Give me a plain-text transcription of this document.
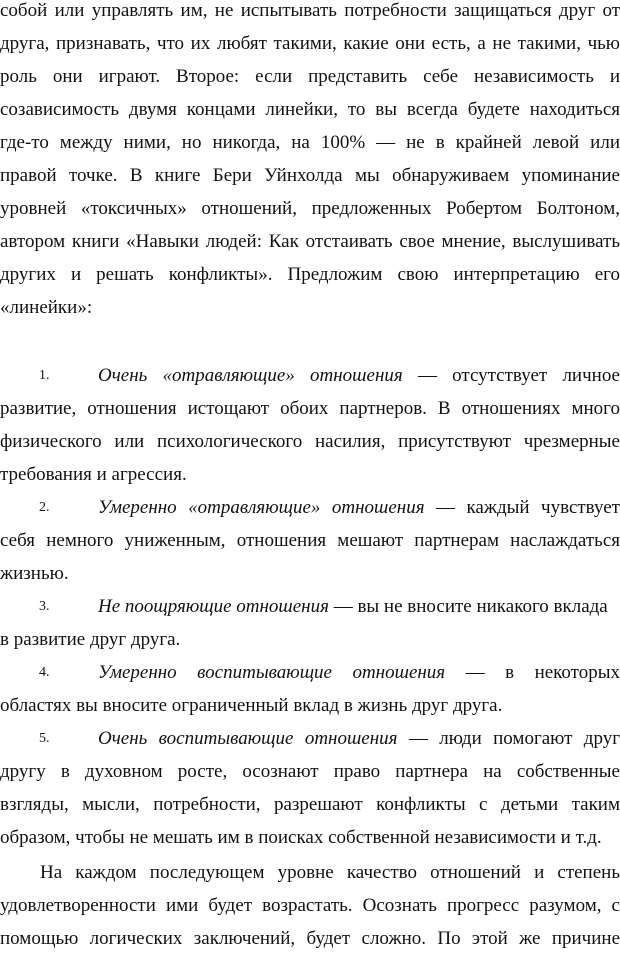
собой или управлять им, не испытывать потребности защищаться друг от
друга, признавать, что их любят такими, какие они есть, а не такими, чью
роль они играют. Второе: если представить себе независимость и
созависимость двумя концами линейки, то вы всегда будете находиться
где-то между ними, но никогда, на 100% — не в крайней левой или
правой точке. В книге Бери Уйнхолда мы обнаруживаем упоминание
уровней «токсичных» отношений, предложенных Робертом Болтоном,
автором книги «Навыки людей: Как отстаивать свое мнение, выслушивать
других и решать конфликты». Предложим свою интерпретацию его
«линейки»:
1.	Очень «отравляющие» отношения — отсутствует личное
развитие, отношения истощают обоих партнеров. В отношениях много
физического или психологического насилия, присутствуют чрезмерные
требования и агрессия.
2.	Умеренно «отравляющие» отношения — каждый чувствует
себя немного униженным, отношения мешают партнерам наслаждаться
жизнью.
3.	Не поощряющие отношения — вы не вносите никакого вклада
в развитие друг друга.
4.	Умеренно воспитывающие отношения — в некоторых
областях вы вносите ограниченный вклад в жизнь друг друга.
5.	Очень воспитывающие отношения — люди помогают друг
другу в духовном росте, осознают право партнера на собственные
взгляды, мысли, потребности, разрешают конфликты с детьми таким
образом, чтобы не мешать им в поисках собственной независимости и т.д.
На каждом последующем уровне качество отношений и степень
удовлетворенности ими будет возрастать. Осознать прогресс разумом, с
помощью логических заключений, будет сложно. По этой же причине
